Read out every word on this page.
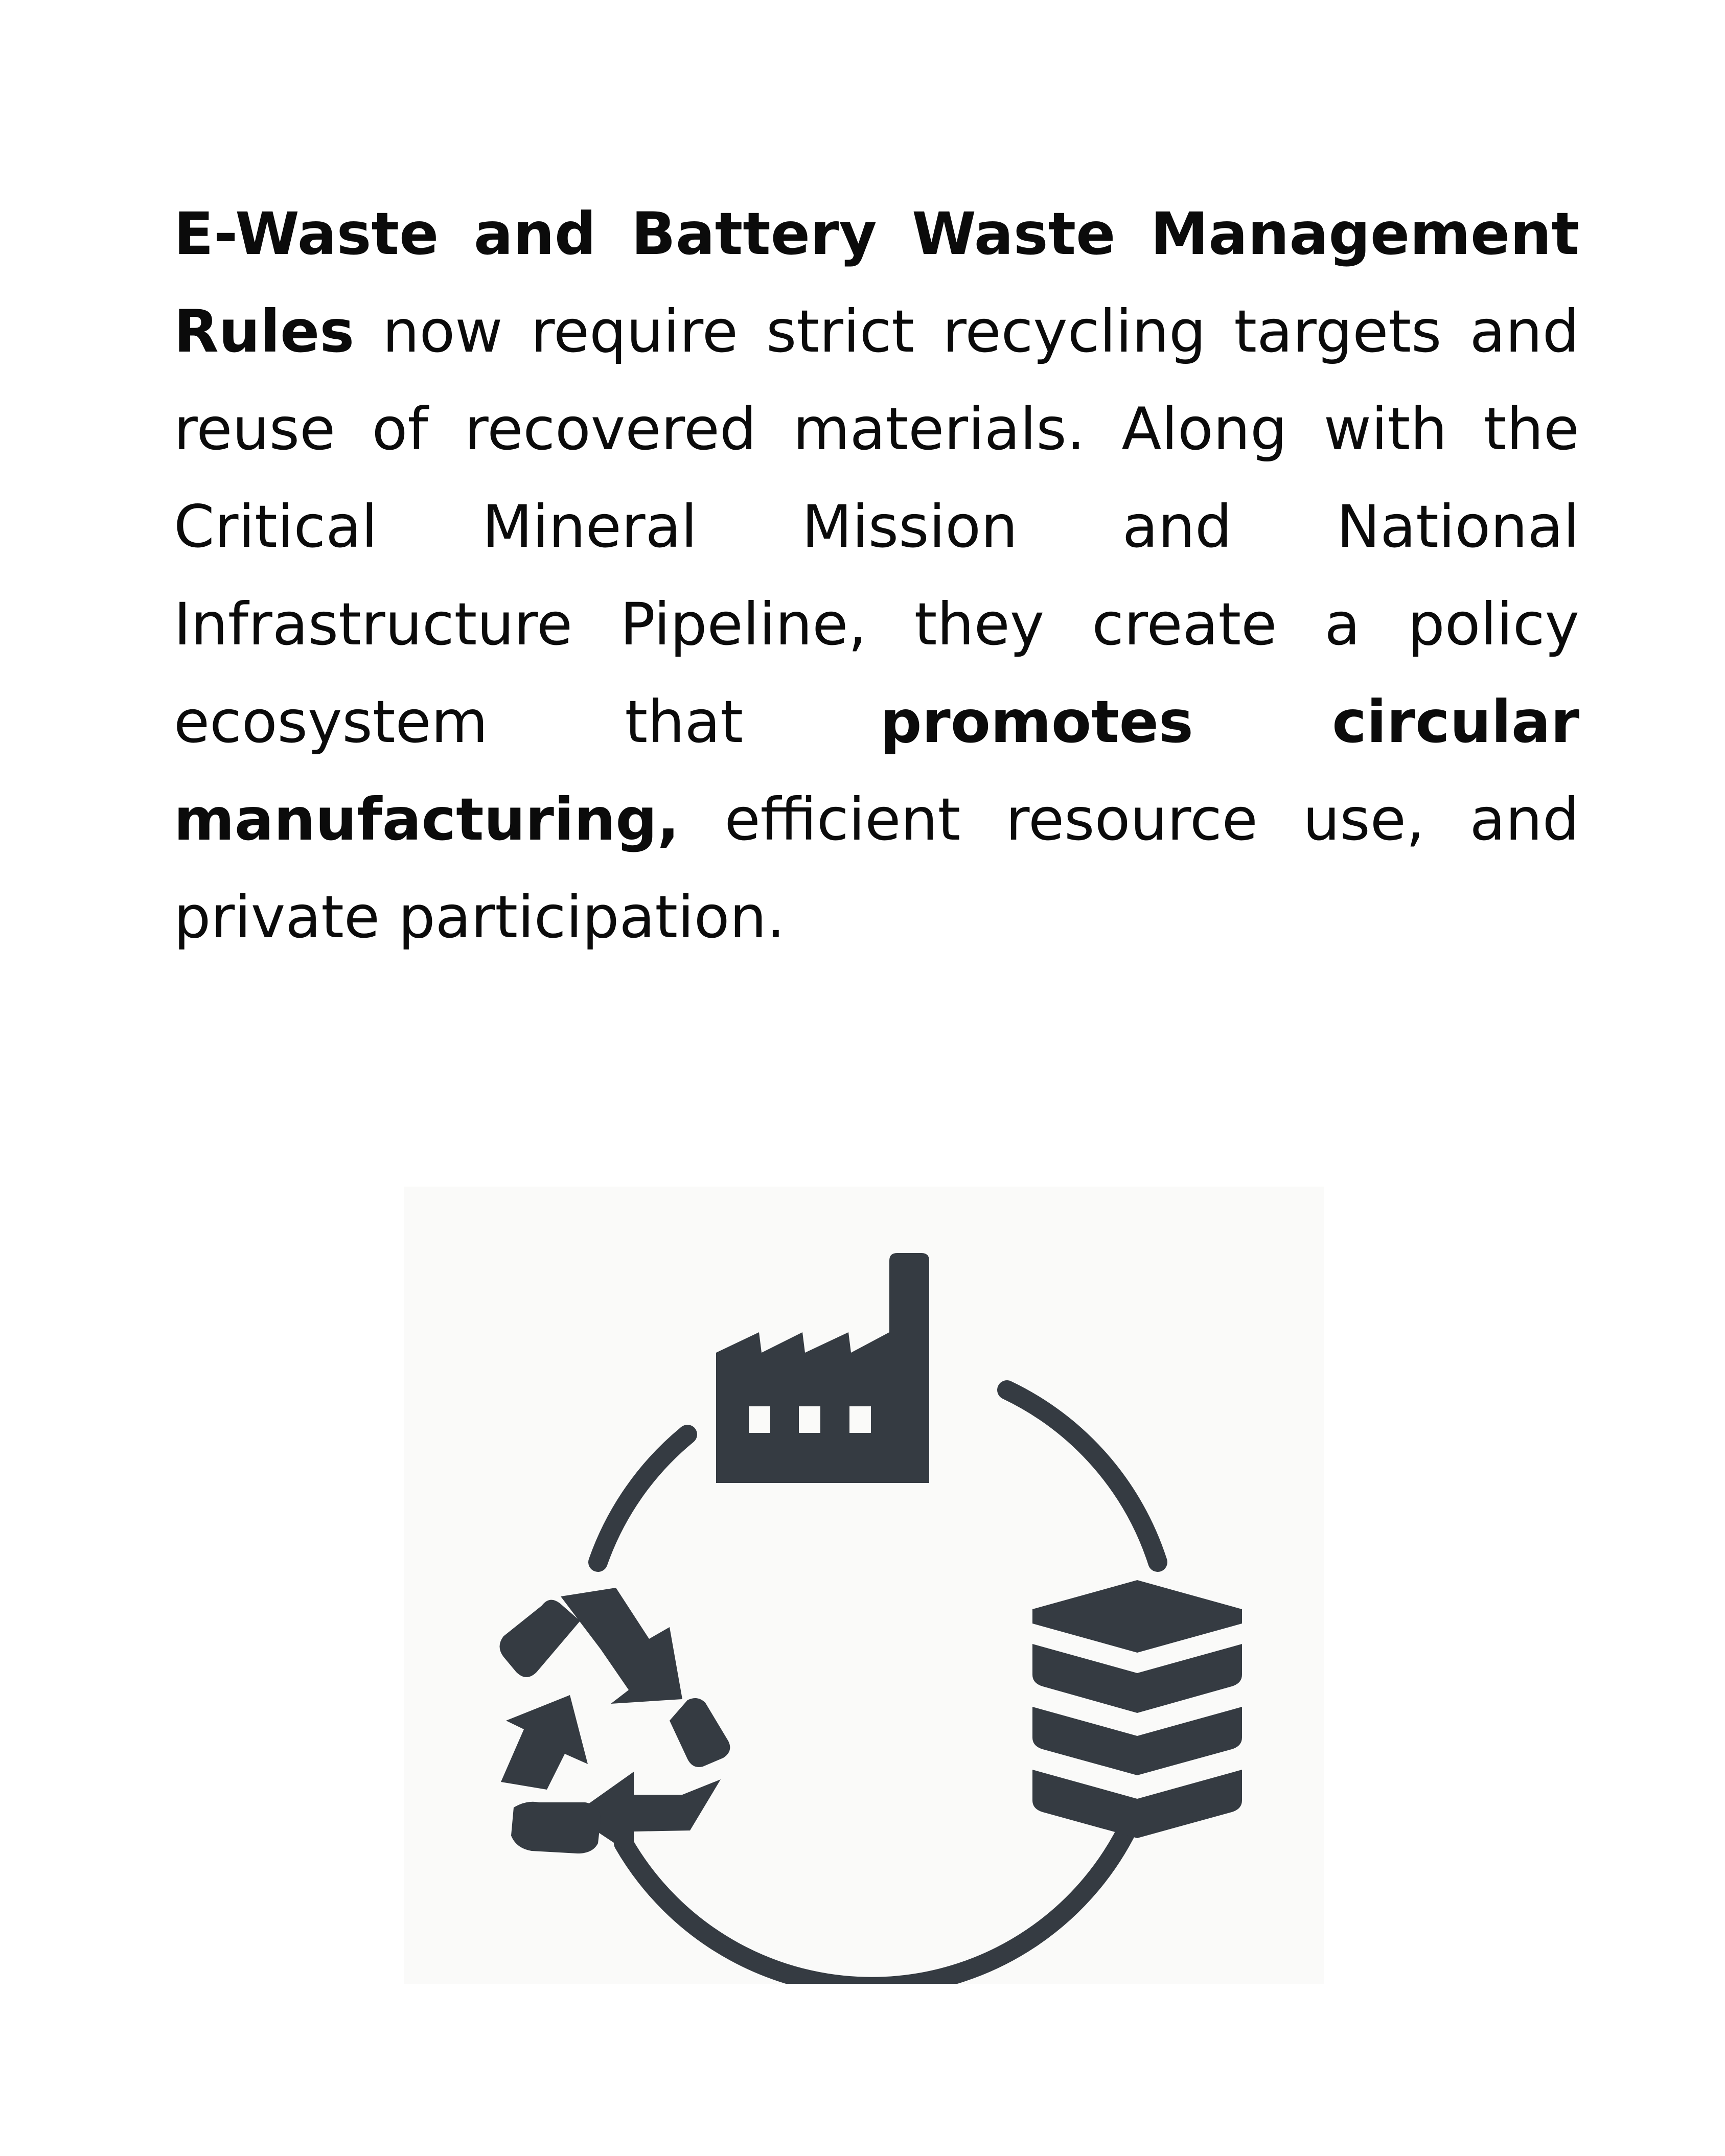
E-Waste and Battery Waste Management Rules now require strict recycling targets and reuse of recovered materials. Along with the Critical Mineral Mission and National Infrastructure Pipeline, they create a policy ecosystem that promotes circular manufacturing, efficient resource use, and private participation.
